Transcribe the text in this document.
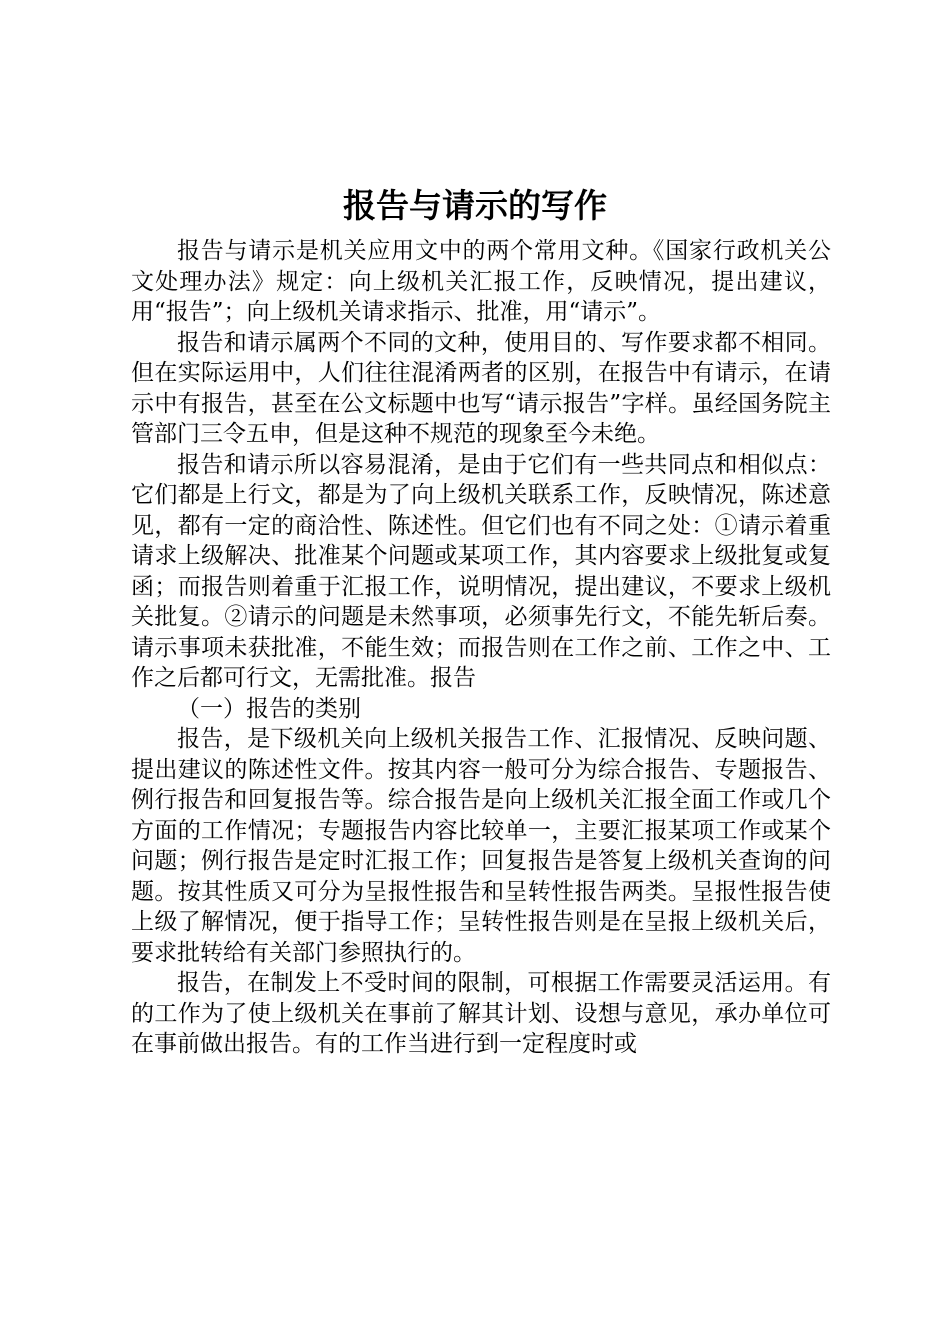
报告与请示的写作

报告与请示是机关应用文中的两个常用文种。《国家行政机关公文处理办法》规定：向上级机关汇报工作，反映情况，提出建议，用“报告”；向上级机关请求指示、批准，用“请示”。

报告和请示属两个不同的文种，使用目的、写作要求都不相同。但在实际运用中，人们往往混淆两者的区别，在报告中有请示，在请示中有报告，甚至在公文标题中也写“请示报告”字样。虽经国务院主管部门三令五申，但是这种不规范的现象至今未绝。

报告和请示所以容易混淆，是由于它们有一些共同点和相似点：它们都是上行文，都是为了向上级机关联系工作，反映情况，陈述意见，都有一定的商洽性、陈述性。但它们也有不同之处：①请示着重请求上级解决、批准某个问题或某项工作，其内容要求上级批复或复函；而报告则着重于汇报工作，说明情况，提出建议，不要求上级机关批复。②请示的问题是未然事项，必须事先行文，不能先斩后奏。请示事项未获批准，不能生效；而报告则在工作之前、工作之中、工作之后都可行文，无需批准。报告

（一）报告的类别

报告，是下级机关向上级机关报告工作、汇报情况、反映问题、提出建议的陈述性文件。按其内容一般可分为综合报告、专题报告、例行报告和回复报告等。综合报告是向上级机关汇报全面工作或几个方面的工作情况；专题报告内容比较单一，主要汇报某项工作或某个问题；例行报告是定时汇报工作；回复报告是答复上级机关查询的问题。按其性质又可分为呈报性报告和呈转性报告两类。呈报性报告使上级了解情况，便于指导工作；呈转性报告则是在呈报上级机关后，要求批转给有关部门参照执行的。

报告，在制发上不受时间的限制，可根据工作需要灵活运用。有的工作为了使上级机关在事前了解其计划、设想与意见，承办单位可在事前做出报告。有的工作当进行到一定程度时或
